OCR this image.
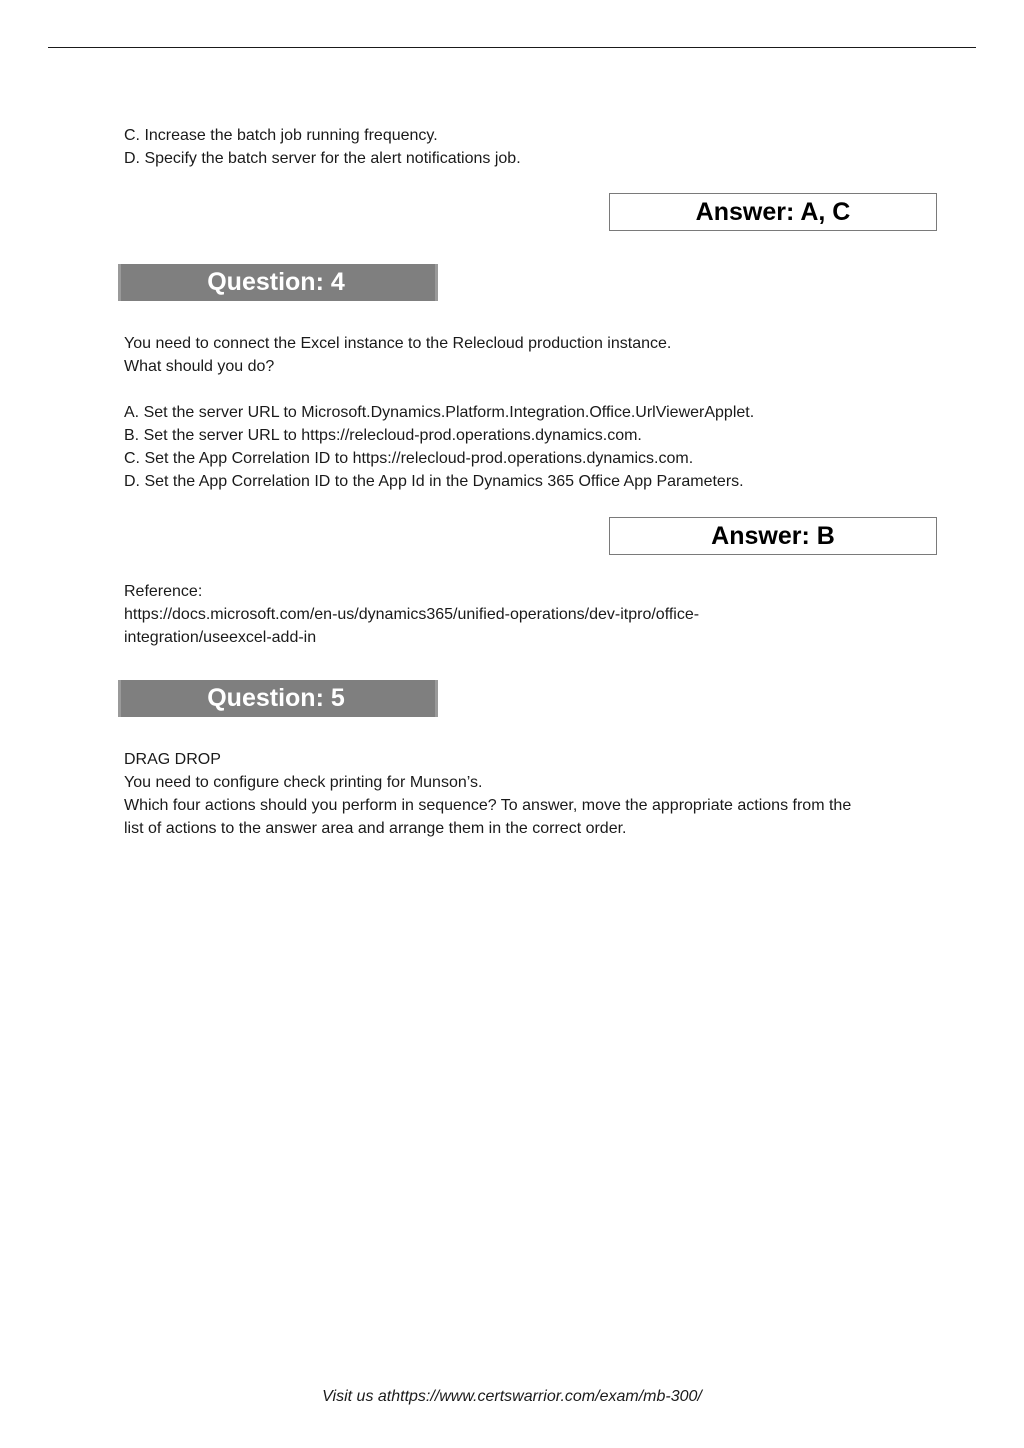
C. Increase the batch job running frequency.
D. Specify the batch server for the alert notifications job.
Answer: A, C
Question: 4
You need to connect the Excel instance to the Relecloud production instance.
What should you do?
A. Set the server URL to Microsoft.Dynamics.Platform.Integration.Office.UrlViewerApplet.
B. Set the server URL to https://relecloud-prod.operations.dynamics.com.
C. Set the App Correlation ID to https://relecloud-prod.operations.dynamics.com.
D. Set the App Correlation ID to the App Id in the Dynamics 365 Office App Parameters.
Answer: B
Reference:
https://docs.microsoft.com/en-us/dynamics365/unified-operations/dev-itpro/office-
integration/useexcel-add-in
Question: 5
DRAG DROP
You need to configure check printing for Munson’s.
Which four actions should you perform in sequence? To answer, move the appropriate actions from the
list of actions to the answer area and arrange them in the correct order.
Visit us athttps://www.certswarrior.com/exam/mb-300/
